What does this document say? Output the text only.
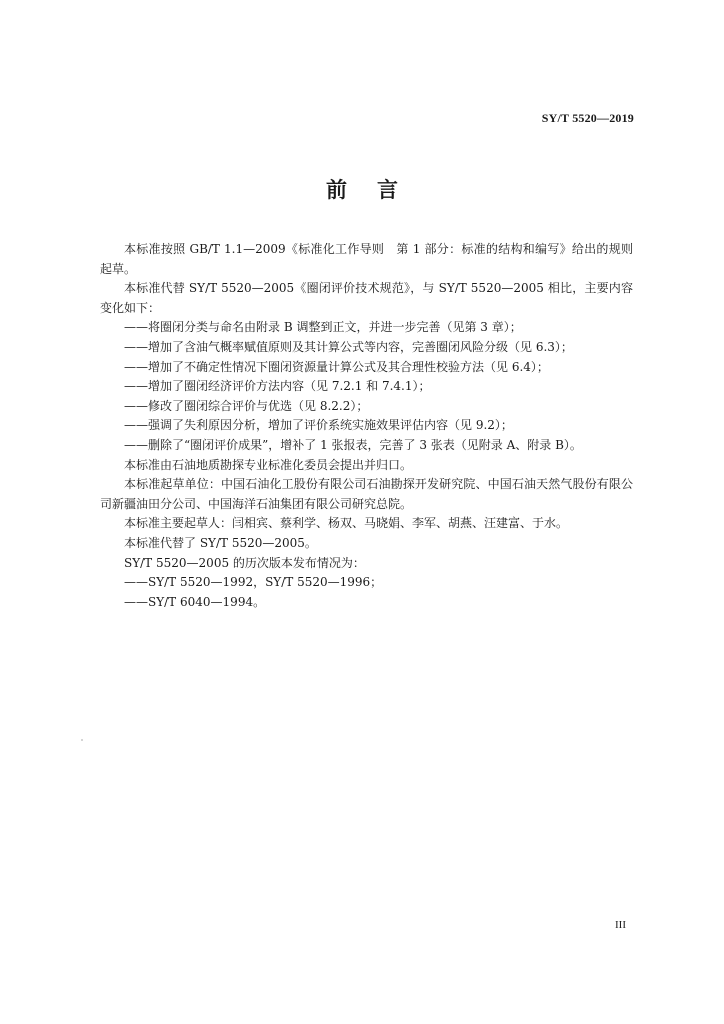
SY/T 5520—2019
前 言

本标准按照 GB/T 1.1—2009《标准化工作导则　第 1 部分：标准的结构和编写》给出的规则起草。

本标准代替 SY/T 5520—2005《圈闭评价技术规范》，与 SY/T 5520—2005 相比，主要内容变化如下：

——将圈闭分类与命名由附录 B 调整到正文，并进一步完善（见第 3 章）；

——增加了含油气概率赋值原则及其计算公式等内容，完善圈闭风险分级（见 6.3）；

——增加了不确定性情况下圈闭资源量计算公式及其合理性校验方法（见 6.4）；

——增加了圈闭经济评价方法内容（见 7.2.1 和 7.4.1）；

——修改了圈闭综合评价与优选（见 8.2.2）；

——强调了失利原因分析，增加了评价系统实施效果评估内容（见 9.2）；

——删除了“圈闭评价成果”，增补了 1 张报表，完善了 3 张表（见附录 A、附录 B）。

本标准由石油地质勘探专业标准化委员会提出并归口。

本标准起草单位：中国石油化工股份有限公司石油勘探开发研究院、中国石油天然气股份有限公司新疆油田分公司、中国海洋石油集团有限公司研究总院。

本标准主要起草人：闫相宾、蔡利学、杨双、马晓娟、李军、胡燕、汪建富、于水。

本标准代替了 SY/T 5520—2005。

SY/T 5520—2005 的历次版本发布情况为：

——SY/T 5520—1992，SY/T 5520—1996；

——SY/T 6040—1994。

III
